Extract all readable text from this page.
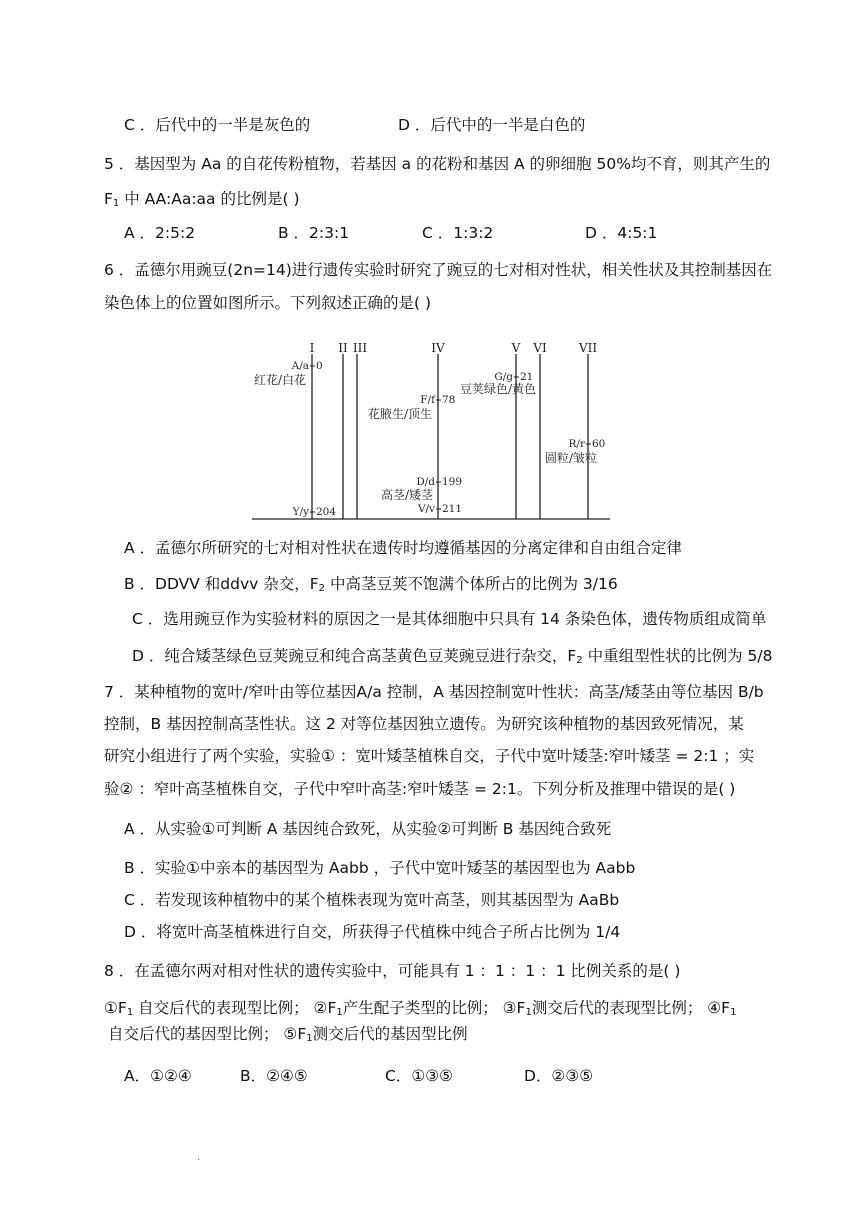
C ．后代中的一半是灰色的	D ．后代中的一半是白色的
5 ．基因型为 Aa 的自花传粉植物，若基因 a 的花粉和基因 A 的卵细胞 50%均不育，则其产生的
F1 中 AA:Aa:aa 的比例是( )
A ．2:5:2	B ．2:3:1	C ．1:3:2	D ．4:5:1
6 ．孟德尔用豌豆(2n=14)进行遗传实验时研究了豌豆的七对相对性状，相关性状及其控制基因在
染色体上的位置如图所示。下列叙述正确的是( )
I II III	IV	V VI	VII
A/a 0
红花/白花
Y/y 204
F/f 78
花腋生/顶生
D/d 199
高茎/矮茎
V/v 211
G/g 21
豆荚绿色/黄色
R/r 60
圆粒/皱粒
A ．孟德尔所研究的七对相对性状在遗传时均遵循基因的分离定律和自由组合定律
B ．DDVV 和ddvv 杂交，F2 中高茎豆荚不饱满个体所占的比例为 3/16
C ．选用豌豆作为实验材料的原因之一是其体细胞中只具有 14 条染色体，遗传物质组成简单
D ．纯合矮茎绿色豆荚豌豆和纯合高茎黄色豆荚豌豆进行杂交，F2 中重组型性状的比例为 5/8
7 ．某种植物的宽叶/窄叶由等位基因A/a 控制，A 基因控制宽叶性状：高茎/矮茎由等位基因 B/b
控制，B 基因控制高茎性状。这 2 对等位基因独立遗传。为研究该种植物的基因致死情况，某
研究小组进行了两个实验，实验① ：宽叶矮茎植株自交，子代中宽叶矮茎:窄叶矮茎 = 2:1 ；实
验② ：窄叶高茎植株自交，子代中窄叶高茎:窄叶矮茎 = 2:1。下列分析及推理中错误的是( )
A ．从实验①可判断 A 基因纯合致死，从实验②可判断 B 基因纯合致死
B ．实验①中亲本的基因型为 Aabb ，子代中宽叶矮茎的基因型也为 Aabb
C ．若发现该种植物中的某个植株表现为宽叶高茎，则其基因型为 AaBb
D ．将宽叶高茎植株进行自交，所获得子代植株中纯合子所占比例为 1/4
8 ．在孟德尔两对相对性状的遗传实验中，可能具有 1 ：1 ：1 ：1 比例关系的是( )
①F1 自交后代的表现型比例； ②F1产生配子类型的比例； ③F1测交后代的表现型比例； ④F1
自交后代的基因型比例； ⑤F1测交后代的基因型比例
A．①②④	B．②④⑤	C．①③⑤	D．②③⑤
.
